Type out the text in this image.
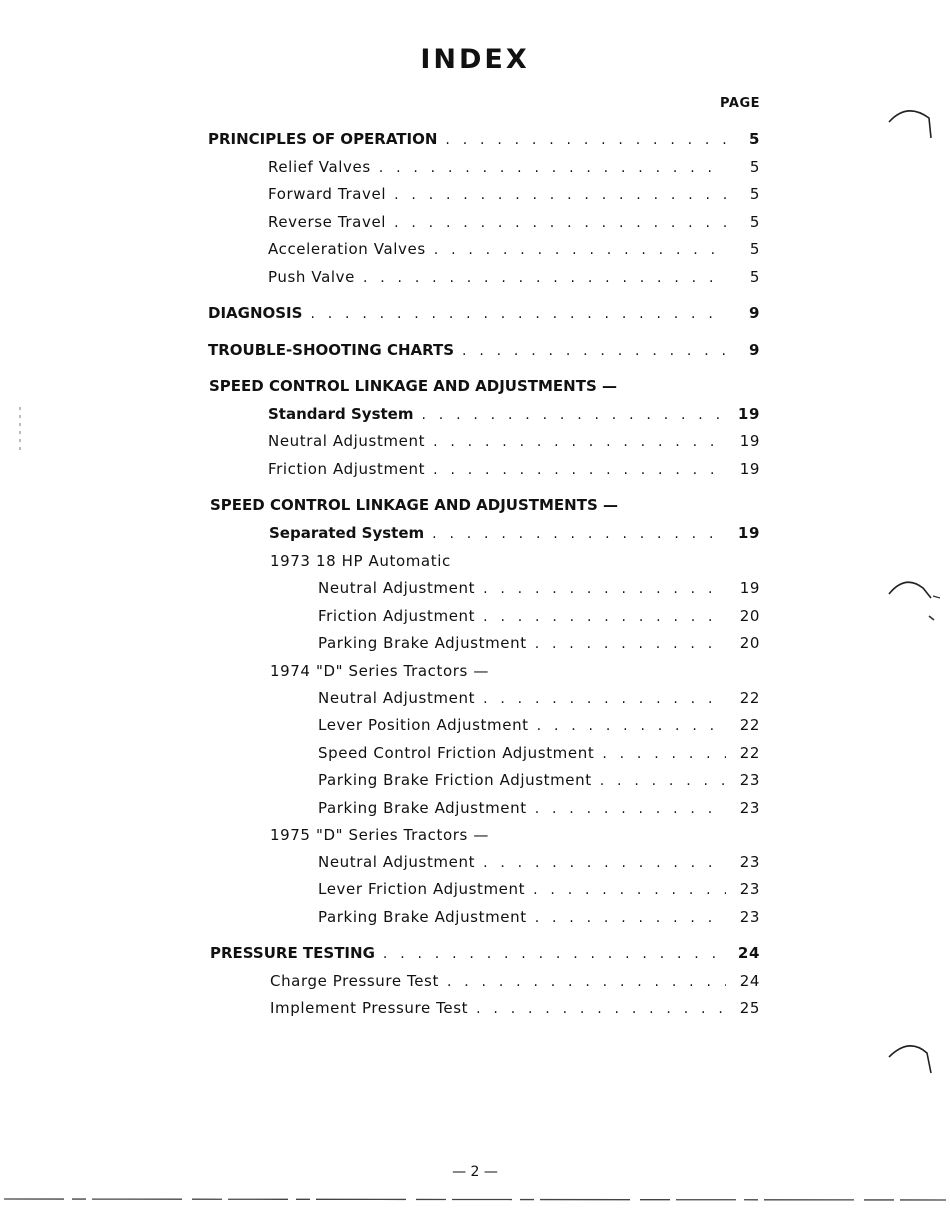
INDEX
PAGE
PRINCIPLES OF OPERATION . . .	5
Relief Valves . . .	5
Forward Travel . . .	5
Reverse Travel . . .	5
Acceleration Valves . . .	5
Push Valve . . .	5
DIAGNOSIS . . .	9
TROUBLE-SHOOTING CHARTS . . .	9
SPEED CONTROL LINKAGE AND ADJUSTMENTS —
Standard System . . .	19
Neutral Adjustment . . .	19
Friction Adjustment . . .	19
SPEED CONTROL LINKAGE AND ADJUSTMENTS —
Separated System . . .	19
1973 18 HP Automatic
Neutral Adjustment . . .	19
Friction Adjustment . . .	20
Parking Brake Adjustment . . .	20
1974 "D" Series Tractors —
Neutral Adjustment . . .	22
Lever Position Adjustment . . .	22
Speed Control Friction Adjustment . . .	22
Parking Brake Friction Adjustment . . .	23
Parking Brake Adjustment . . .	23
1975 "D" Series Tractors —
Neutral Adjustment . . .	23
Lever Friction Adjustment . . .	23
Parking Brake Adjustment . . .	23
PRESSURE TESTING . . .	24
Charge Pressure Test . . .	24
Implement Pressure Test . . .	25
— 2 —
